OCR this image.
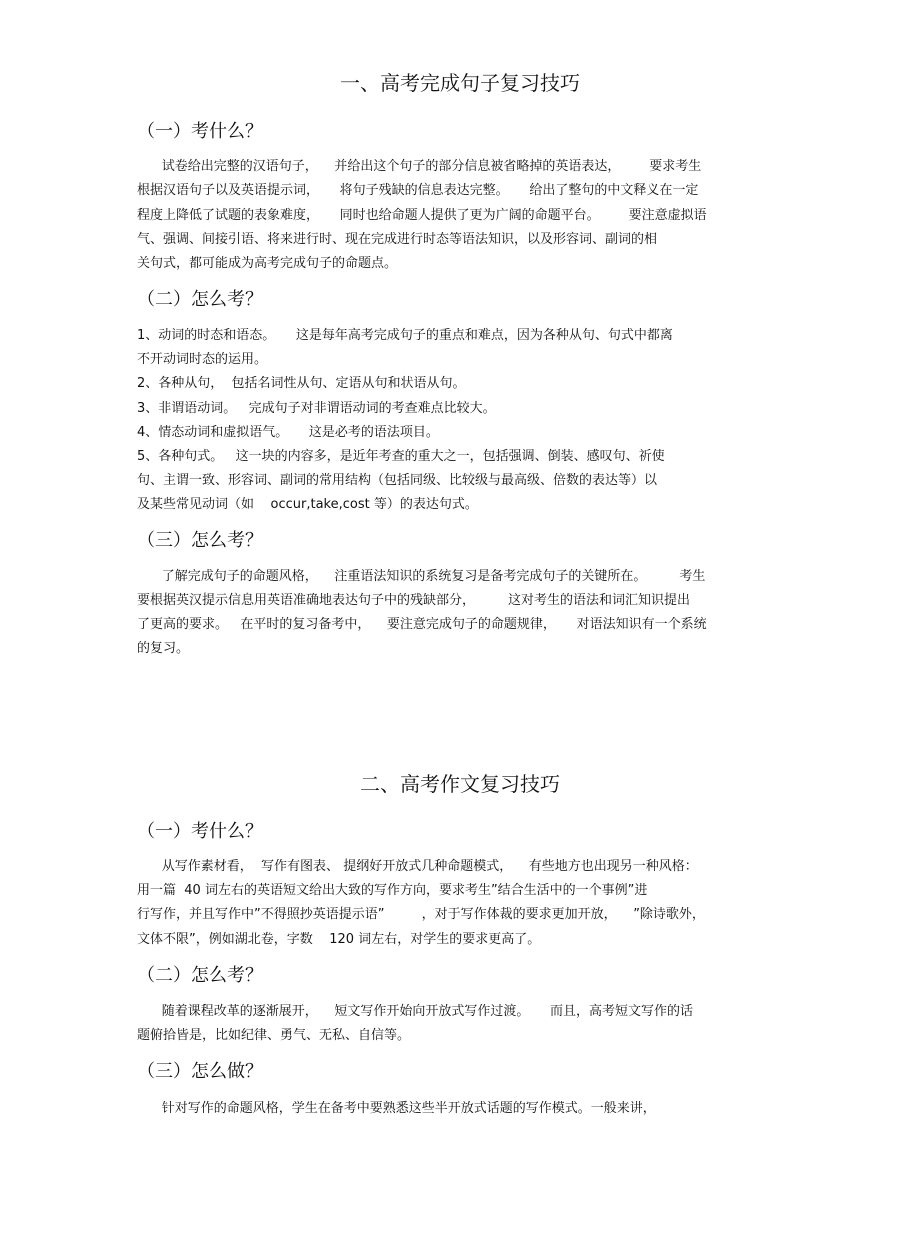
一、高考完成句子复习技巧
（一）考什么？
试卷给出完整的汉语句子，    并给出这个句子的部分信息被省略掉的英语表达，       要求考生
根据汉语句子以及英语提示词，     将句子残缺的信息表达完整。     给出了整句的中文释义在一定
程度上降低了试题的表象难度，     同时也给命题人提供了更为广阔的命题平台。       要注意虚拟语
气、强调、间接引语、将来进行时、现在完成进行时态等语法知识，以及形容词、副词的相
关句式，都可能成为高考完成句子的命题点。
（二）怎么考？
1、动词的时态和语态。     这是每年高考完成句子的重点和难点，因为各种从句、句式中都离
不开动词时态的运用。
2、各种从句，  包括名词性从句、定语从句和状语从句。
3、非谓语动词。   完成句子对非谓语动词的考查难点比较大。
4、情态动词和虚拟语气。     这是必考的语法项目。
5、各种句式。   这一块的内容多，是近年考查的重大之一，包括强调、倒装、感叹句、祈使
句、主谓一致、形容词、副词的常用结构（包括同级、比较级与最高级、倍数的表达等）以
及某些常见动词（如    occur,take,cost 等）的表达句式。
（三）怎么考？
了解完成句子的命题风格，    注重语法知识的系统复习是备考完成句子的关键所在。        考生
要根据英汉提示信息用英语准确地表达句子中的残缺部分，        这对考生的语法和词汇知识提出
了更高的要求。   在平时的复习备考中，    要注意完成句子的命题规律，     对语法知识有一个系统
的复习。
二、高考作文复习技巧
（一）考什么？
从写作素材看，  写作有图表、 提纲好开放式几种命题模式，    有些地方也出现另一种风格：
用一篇  40 词左右的英语短文给出大致的写作方向，要求考生”结合生活中的一个事例”进
行写作，并且写作中”不得照抄英语提示语”         ，对于写作体裁的要求更加开放，    ”除诗歌外，
文体不限”，例如湖北卷，字数    120 词左右，对学生的要求更高了。
（二）怎么考？
随着课程改革的逐渐展开，    短文写作开始向开放式写作过渡。     而且，高考短文写作的话
题俯拾皆是，比如纪律、勇气、无私、自信等。
（三）怎么做？
针对写作的命题风格，学生在备考中要熟悉这些半开放式话题的写作模式。一般来讲，
